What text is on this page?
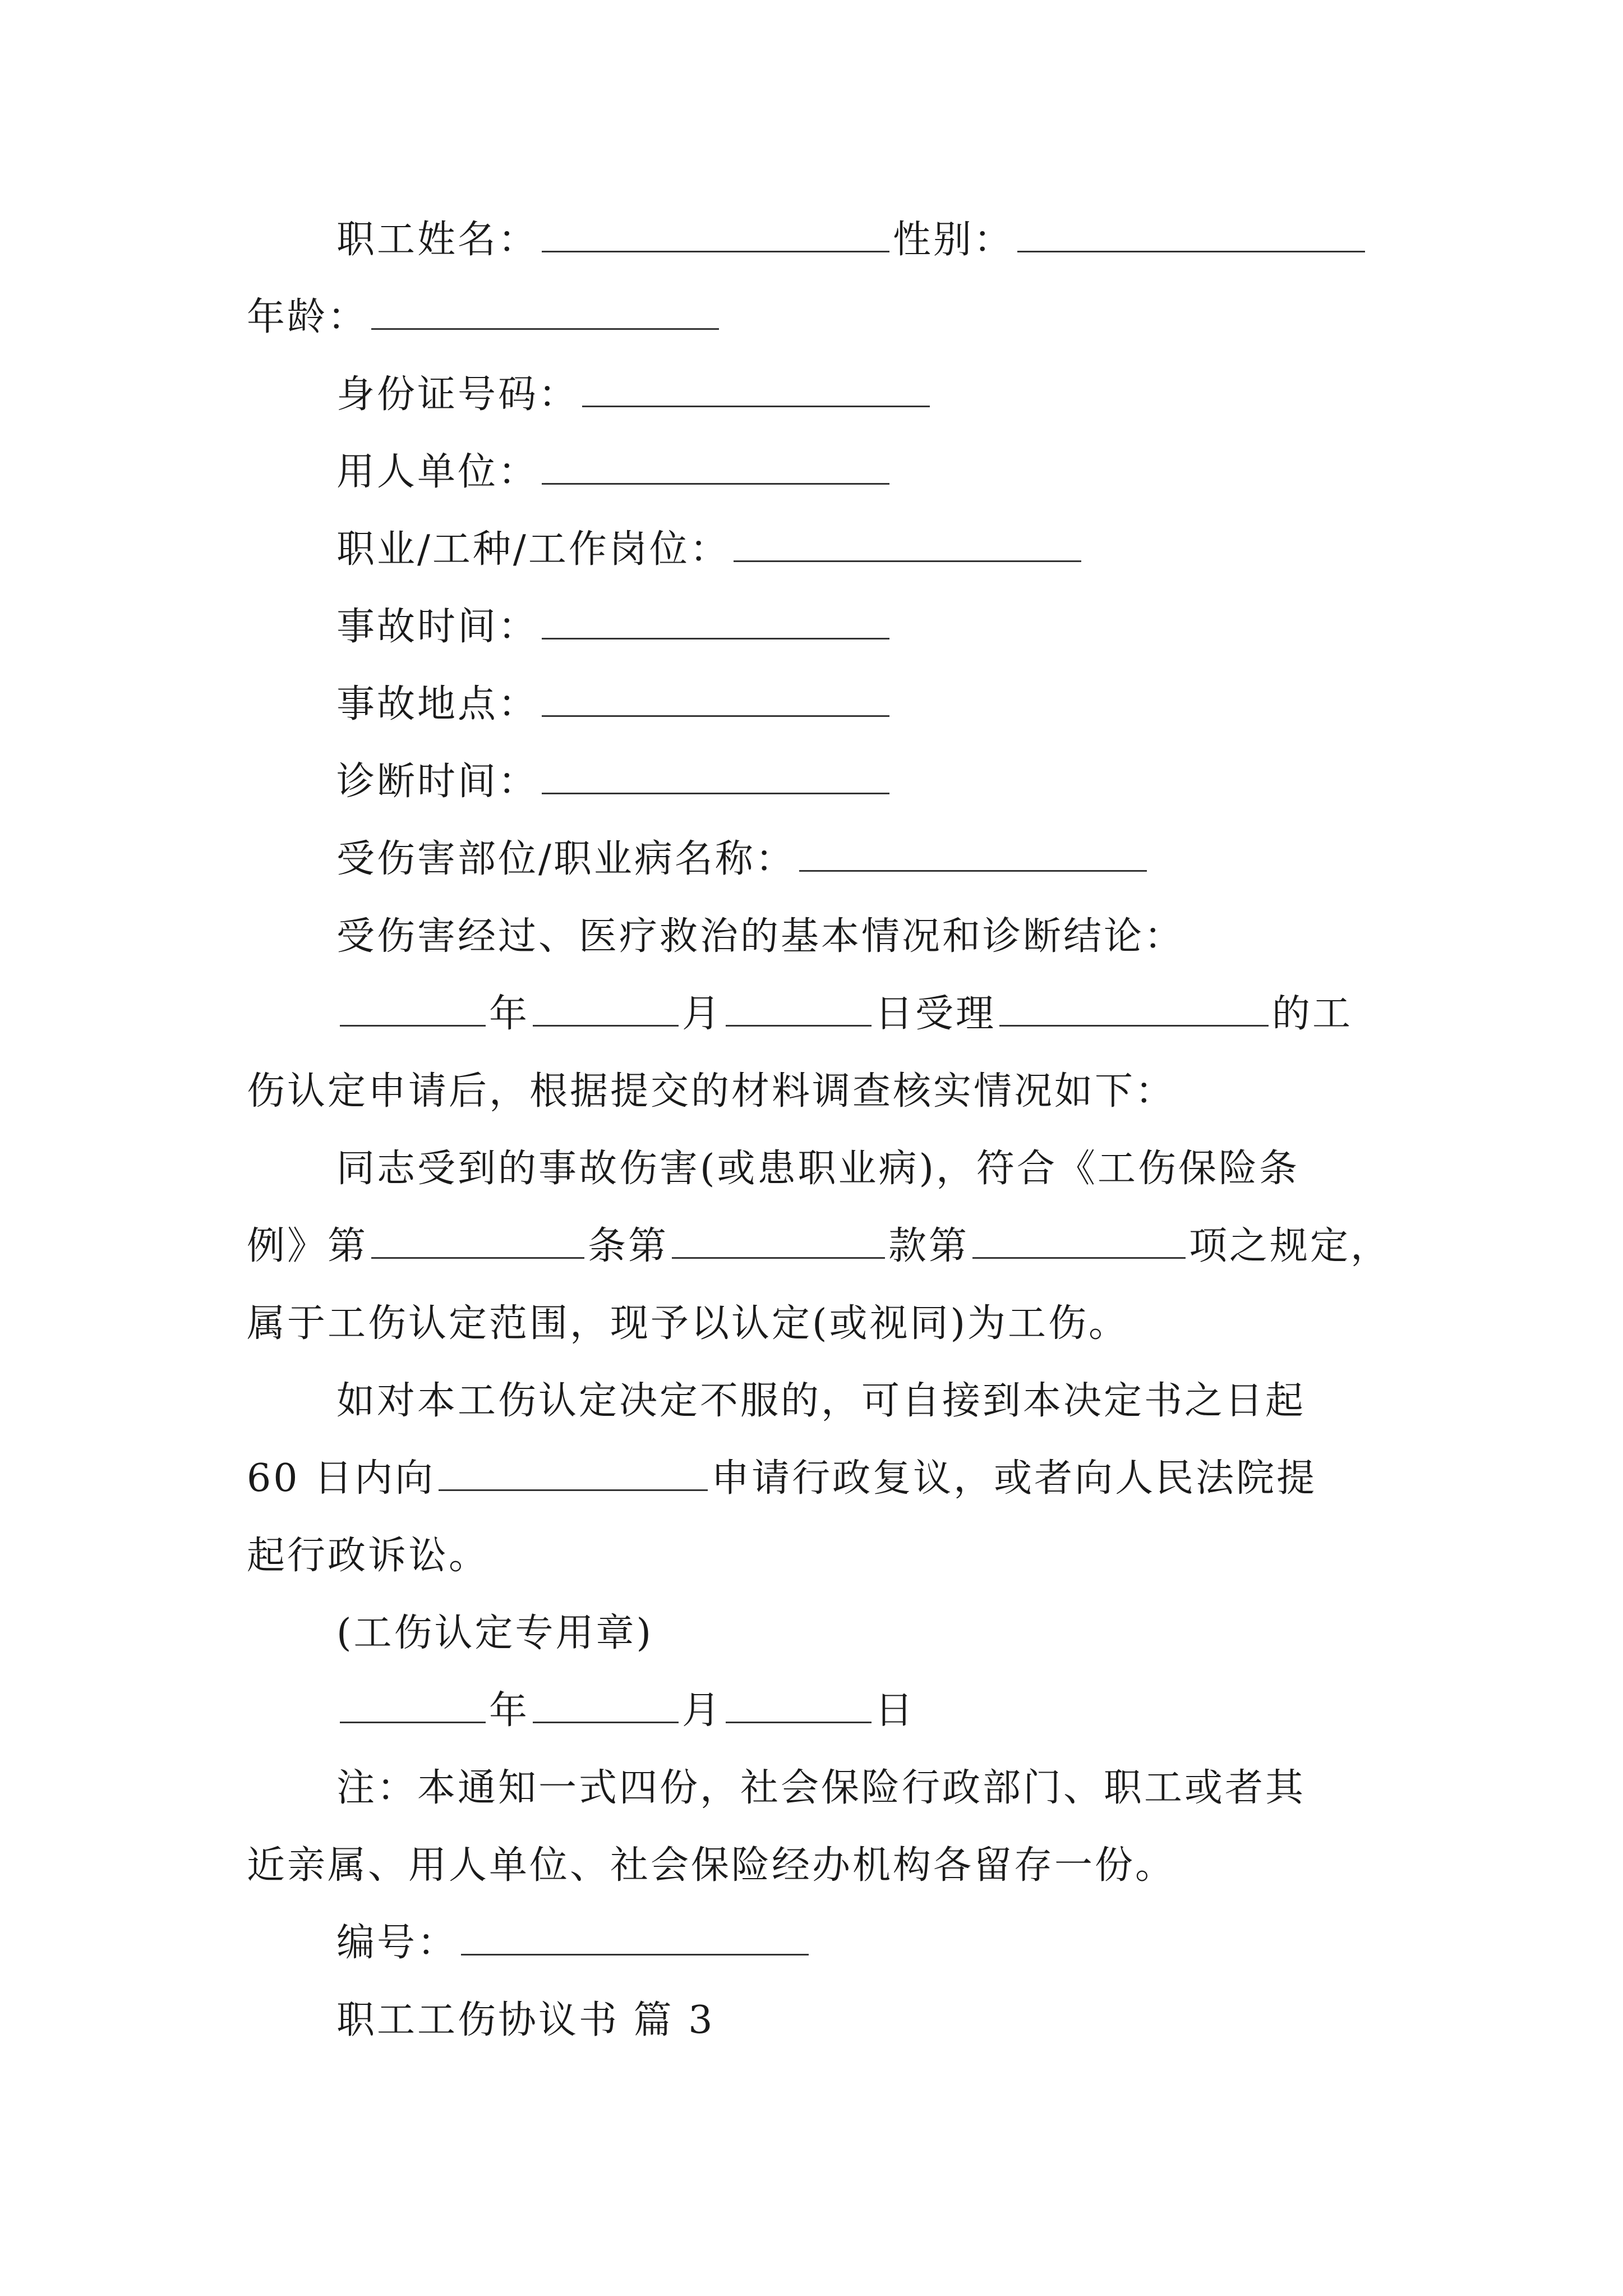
职工姓名：	性别：
年龄：
身份证号码：
用人单位：
职业/工种/工作岗位：
事故时间：
事故地点：
诊断时间：
受伤害部位/职业病名称：
受伤害经过、医疗救治的基本情况和诊断结论：
年	月	日受理	的工
伤认定申请后，根据提交的材料调查核实情况如下：
同志受到的事故伤害(或患职业病)，符合《工伤保险条
例》第	条第	款第	项之规定，
属于工伤认定范围，现予以认定(或视同)为工伤。
如对本工伤认定决定不服的，可自接到本决定书之日起
60 日内向	申请行政复议，或者向人民法院提
起行政诉讼。
(工伤认定专用章)
年	月	日
注：本通知一式四份，社会保险行政部门、职工或者其
近亲属、用人单位、社会保险经办机构各留存一份。
编号：
职工工伤协议书 篇 3
